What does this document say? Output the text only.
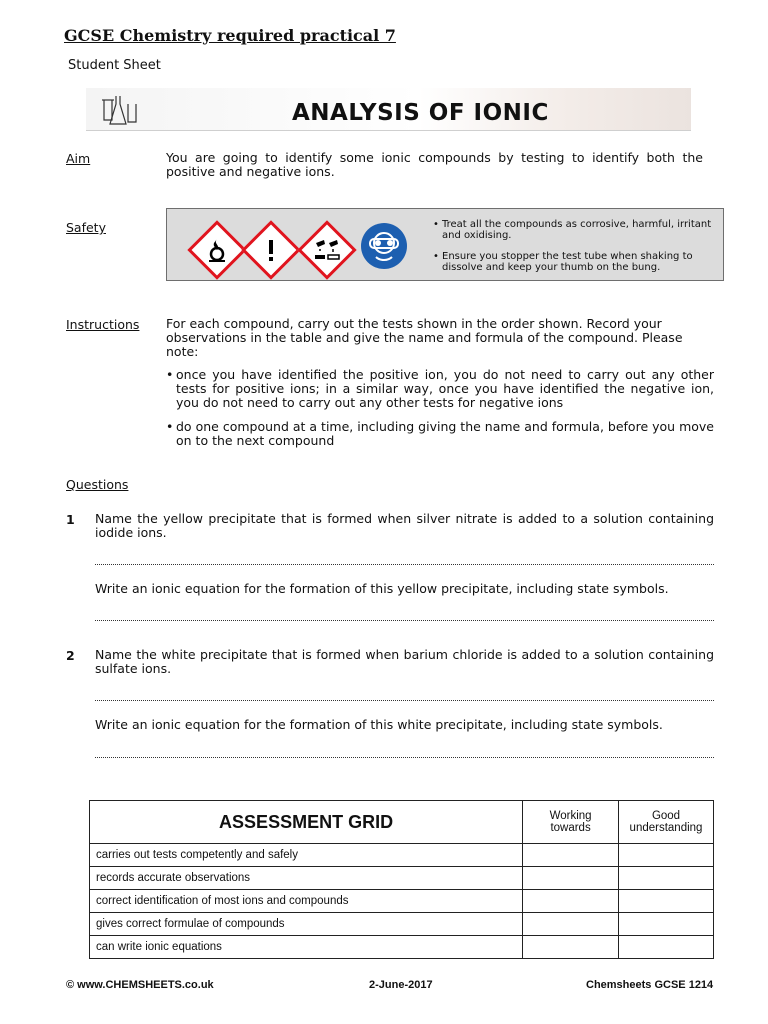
GCSE Chemistry required practical 7
Student Sheet
ANALYSIS OF IONIC
Aim	You are going to identify some ionic compounds by testing to identify both the positive and negative ions.
Safety	• Treat all the compounds as corrosive, harmful, irritant and oxidising.
• Ensure you stopper the test tube when shaking to dissolve and keep your thumb on the bung.
Instructions For each compound, carry out the tests shown in the order shown. Record your observations in the table and give the name and formula of the compound. Please note:
• once you have identified the positive ion, you do not need to carry out any other tests for positive ions; in a similar way, once you have identified the negative ion, you do not need to carry out any other tests for negative ions
• do one compound at a time, including giving the name and formula, before you move on to the next compound
Questions
1 Name the yellow precipitate that is formed when silver nitrate is added to a solution containing iodide ions.
Write an ionic equation for the formation of this yellow precipitate, including state symbols.
2 Name the white precipitate that is formed when barium chloride is added to a solution containing sulfate ions.
Write an ionic equation for the formation of this white precipitate, including state symbols.
ASSESSMENT GRID	Working towards	Good understanding
carries out tests competently and safely		
records accurate observations		
correct identification of most ions and compounds		
gives correct formulae of compounds		
can write ionic equations		
© www.CHEMSHEETS.co.uk	2-June-2017	Chemsheets GCSE 1214
